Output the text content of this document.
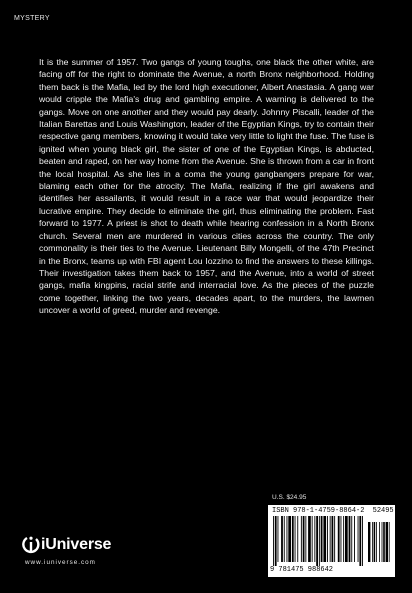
MYSTERY
It is the summer of 1957. Two gangs of young toughs, one black the other white, are facing off for the right to dominate the Avenue, a north Bronx neighborhood. Holding them back is the Mafia, led by the lord high executioner, Albert Anastasia. A gang war would cripple the Mafia's drug and gambling empire. A warning is delivered to the gangs. Move on one another and they would pay dearly. Johnny Piscalli, leader of the Italian Barettas and Louis Washington, leader of the Egyptian Kings, try to contain their respective gang members, knowing it would take very little to light the fuse. The fuse is ignited when young black girl, the sister of one of the Egyptian Kings, is abducted, beaten and raped, on her way home from the Avenue. She is thrown from a car in front the local hospital. As she lies in a coma the young gangbangers prepare for war, blaming each other for the atrocity. The Mafia, realizing if the girl awakens and identifies her assailants, it would result in a race war that would jeopardize their lucrative empire. They decide to eliminate the girl, thus eliminating the problem. Fast forward to 1977. A priest is shot to death while hearing confession in a North Bronx church. Several men are murdered in various cities across the country. The only commonality is their ties to the Avenue. Lieutenant Billy Mongelli, of the 47th Precinct in the Bronx, teams up with FBI agent Lou Iozzino to find the answers to these killings. Their investigation takes them back to 1957, and the Avenue, into a world of street gangs, mafia kingpins, racial strife and interracial love. As the pieces of the puzzle come together, linking the two years, decades apart, to the murders, the lawmen uncover a world of greed, murder and revenge.
U.S. $24.95
ISBN 978-1-4759-8864-2 52495
9 781475 988642
iUniverse
www.iuniverse.com
